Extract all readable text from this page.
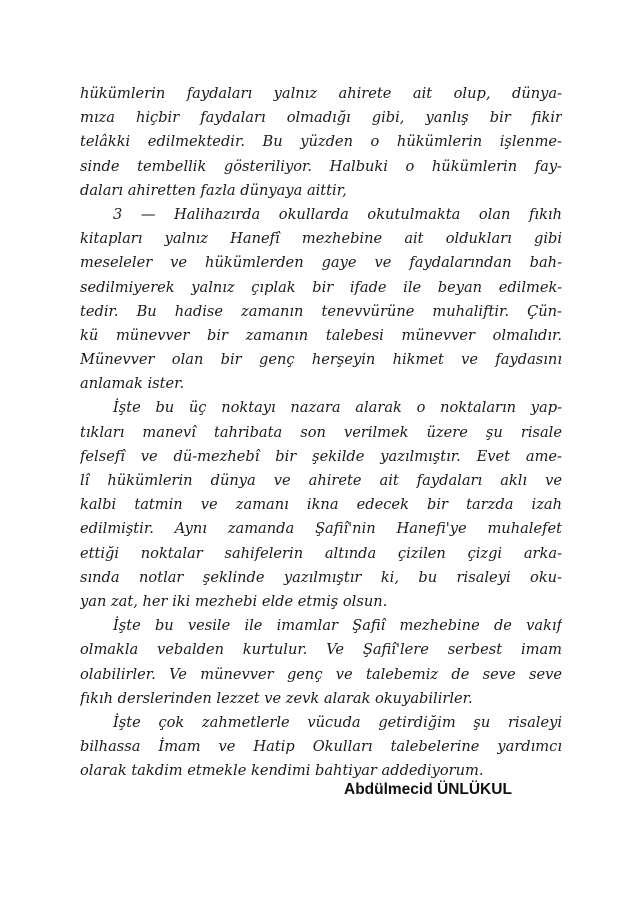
hükümlerin faydaları yalnız ahirete ait olup, dünya-
mıza hiçbir faydaları olmadığı gibi, yanlış bir fikir
telâkki edilmektedir. Bu yüzden o hükümlerin işlenme-
sinde tembellik gösteriliyor. Halbuki o hükümlerin fay-
daları ahiretten fazla dünyaya aittir,
3 — Halihazırda okullarda okutulmakta olan fıkıh
kitapları yalnız Hanefî mezhebine ait oldukları gibi
meseleler ve hükümlerden gaye ve faydalarından bah-
sedilmiyerek yalnız çıplak bir ifade ile beyan edilmek-
tedir. Bu hadise zamanın tenevvürüne muhaliftir. Çün-
kü münevver bir zamanın talebesi münevver olmalıdır.
Münevver olan bir genç herşeyin hikmet ve faydasını
anlamak ister.
İşte bu üç noktayı nazara alarak o noktaların yap-
tıkları manevî tahribata son verilmek üzere şu risale
felsefî ve dü-mezhebî bir şekilde yazılmıştır. Evet ame-
lî hükümlerin dünya ve ahirete ait faydaları aklı ve
kalbi tatmin ve zamanı ikna edecek bir tarzda izah
edilmiştir. Aynı zamanda Şafiî'nin Hanefi'ye muhalefet
ettiği noktalar sahifelerin altında çizilen çizgi arka-
sında notlar şeklinde yazılmıştır ki, bu risaleyi oku-
yan zat, her iki mezhebi elde etmiş olsun.
İşte bu vesile ile imamlar Şafiî mezhebine de vakıf
olmakla vebalden kurtulur. Ve Şafiî'lere serbest imam
olabilirler. Ve münevver genç ve talebemiz de seve seve
fıkıh derslerinden lezzet ve zevk alarak okuyabilirler.
İşte çok zahmetlerle vücuda getirdiğim şu risaleyi
bilhassa İmam ve Hatip Okulları talebelerine yardımcı
olarak takdim etmekle kendimi bahtiyar addediyorum.
Abdülmecid ÜNLÜKUL
